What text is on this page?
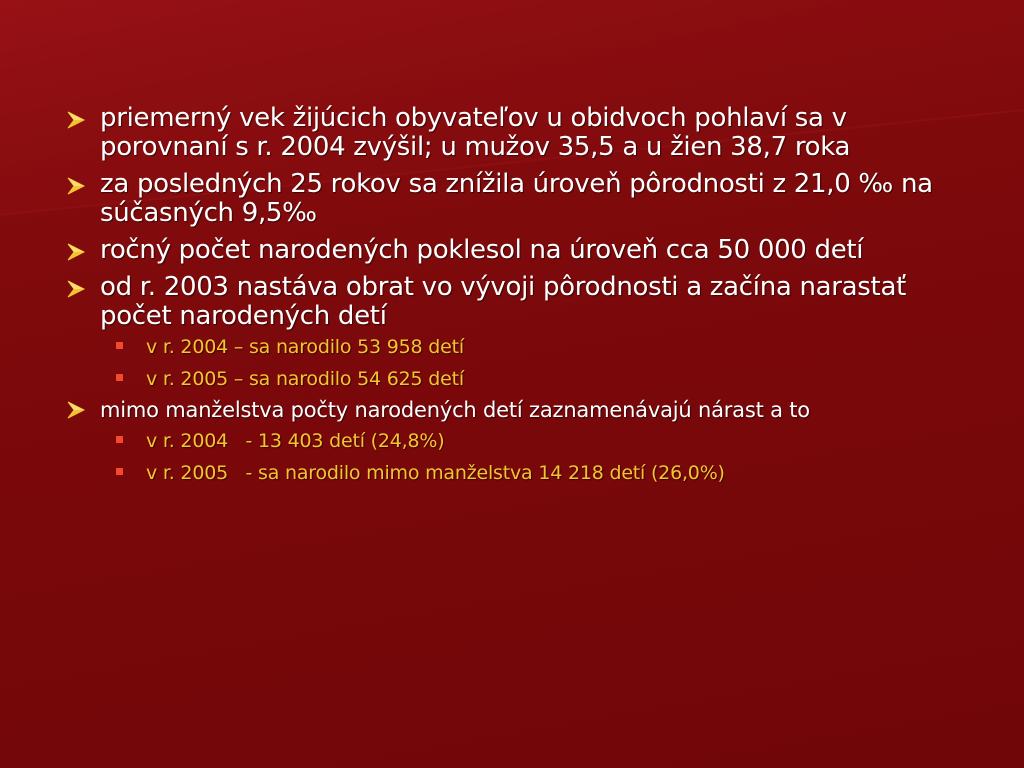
priemerný vek žijúcich obyvateľov u obidvoch pohlaví sa v porovnaní s r. 2004 zvýšil; u mužov 35,5 a u žien 38,7 roka
za posledných 25 rokov sa znížila úroveň pôrodnosti z 21,0 ‰ na súčasných 9,5‰
ročný počet narodených poklesol na úroveň cca 50 000 detí
od r. 2003 nastáva obrat vo vývoji pôrodnosti a začína narastať počet narodených detí
v r. 2004 – sa narodilo 53 958 detí
v r. 2005 – sa narodilo 54 625 detí
mimo manželstva počty narodených detí zaznamenávajú nárast a to
v r. 2004   - 13 403 detí (24,8%)
v r. 2005   - sa narodilo mimo manželstva 14 218 detí (26,0%)
